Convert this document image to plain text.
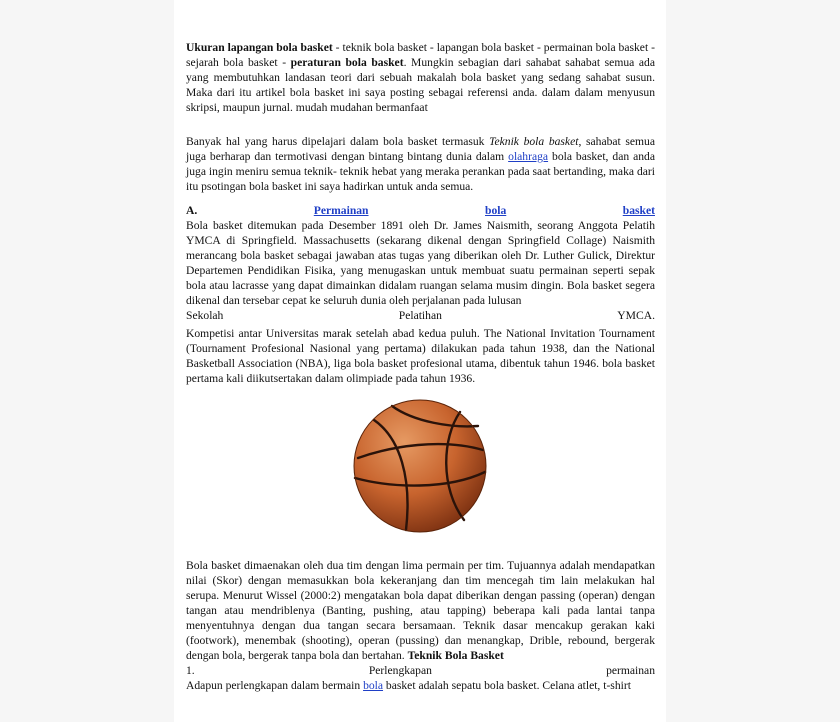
Ukuran lapangan bola basket - teknik bola basket - lapangan bola basket - permainan bola basket - sejarah bola basket - peraturan bola basket. Mungkin sebagian dari sahabat sahabat semua ada yang membutuhkan landasan teori dari sebuah makalah bola basket yang sedang sahabat susun. Maka dari itu artikel bola basket ini saya posting sebagai referensi anda. dalam dalam menyusun skripsi, maupun jurnal. mudah mudahan bermanfaat

Banyak hal yang harus dipelajari dalam bola basket termasuk Teknik bola basket, sahabat semua juga berharap dan termotivasi dengan bintang bintang dunia dalam olahraga bola basket, dan anda juga ingin meniru semua teknik- teknik hebat yang meraka perankan pada saat bertanding, maka dari itu psotingan bola basket ini saya hadirkan untuk anda semua.

A.	Permainan	bola	basket

Bola basket ditemukan pada Desember 1891 oleh Dr. James Naismith, seorang Anggota Pelatih YMCA di Springfield. Massachusetts (sekarang dikenal dengan Springfield Collage) Naismith merancang bola basket sebagai jawaban atas tugas yang diberikan oleh Dr. Luther Gulick, Direktur Departemen Pendidikan Fisika, yang menugaskan untuk membuat suatu permainan seperti sepak bola atau lacrasse yang dapat dimainkan didalam ruangan selama musim dingin. Bola basket segera dikenal dan tersebar cepat ke seluruh dunia oleh perjalanan pada lulusan

Sekolah	Pelatihan	YMCA.

Kompetisi antar Universitas marak setelah abad kedua puluh. The National Invitation Tournament (Tournament Profesional Nasional yang pertama) dilakukan pada tahun 1938, dan the National Basketball Association (NBA), liga bola basket profesional utama, dibentuk tahun 1946. bola basket pertama kali diikutsertakan dalam olimpiade pada tahun 1936.

Bola basket dimaenakan oleh dua tim dengan lima permain per tim. Tujuannya adalah mendapatkan nilai (Skor) dengan memasukkan bola kekeranjang dan tim mencegah tim lain melakukan hal serupa. Menurut Wissel (2000:2) mengatakan bola dapat diberikan dengan passing (operan) dengan tangan atau mendriblenya (Banting, pushing, atau tapping) beberapa kali pada lantai tanpa menyentuhnya dengan dua tangan secara bersamaan. Teknik dasar mencakup gerakan kaki (footwork), menembak (shooting), operan (pussing) dan menangkap, Drible, rebound, bergerak dengan bola, bergerak tanpa bola dan bertahan. Teknik Bola Basket

1.	Perlengkapan	permainan

Adapun perlengkapan dalam bermain bola basket adalah sepatu bola basket. Celana atlet, t-shirt
